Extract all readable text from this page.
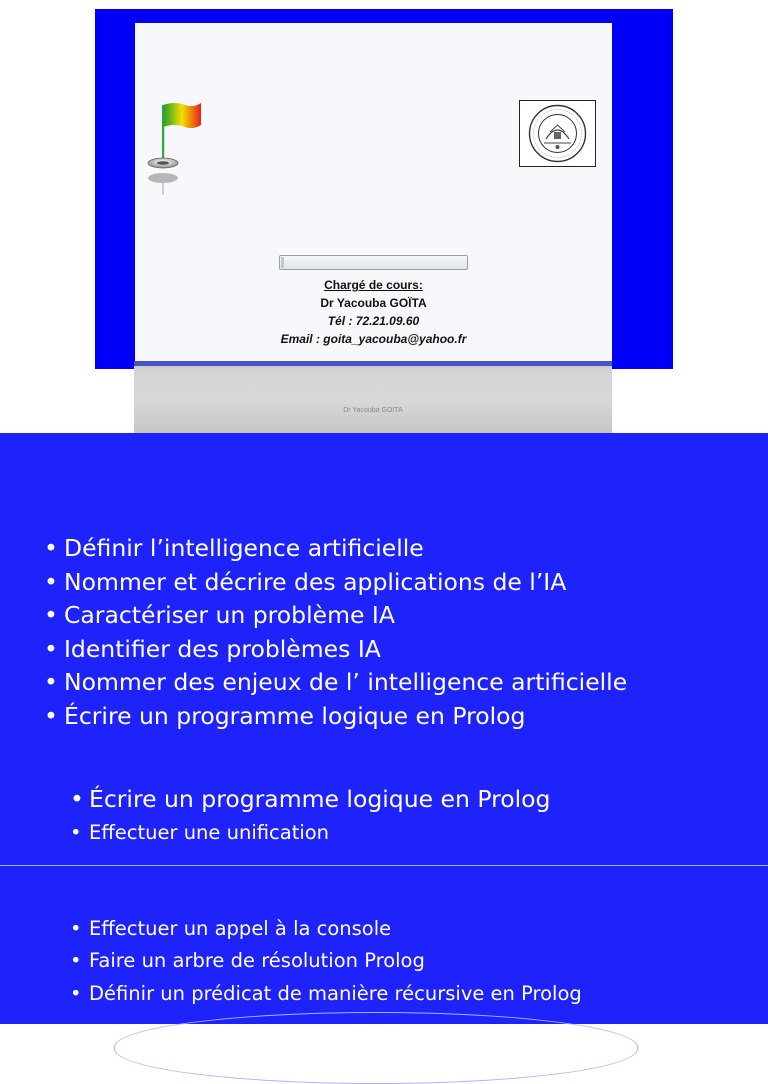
Chargé de cours:
Dr Yacouba GOÏTA
Tél : 72.21.09.60
Email : goita_yacouba@yahoo.fr
Dr Yacouba GOITA
• Définir l’intelligence artificielle
• Nommer et décrire des applications de l’IA
• Caractériser un problème IA
• Identifier des problèmes IA
• Nommer des enjeux de l’ intelligence artificielle
• Écrire un programme logique en Prolog
• Écrire un programme logique en Prolog
• Effectuer une unification
• Effectuer un appel à la console
• Faire un arbre de résolution Prolog
• Définir un prédicat de manière récursive en Prolog
